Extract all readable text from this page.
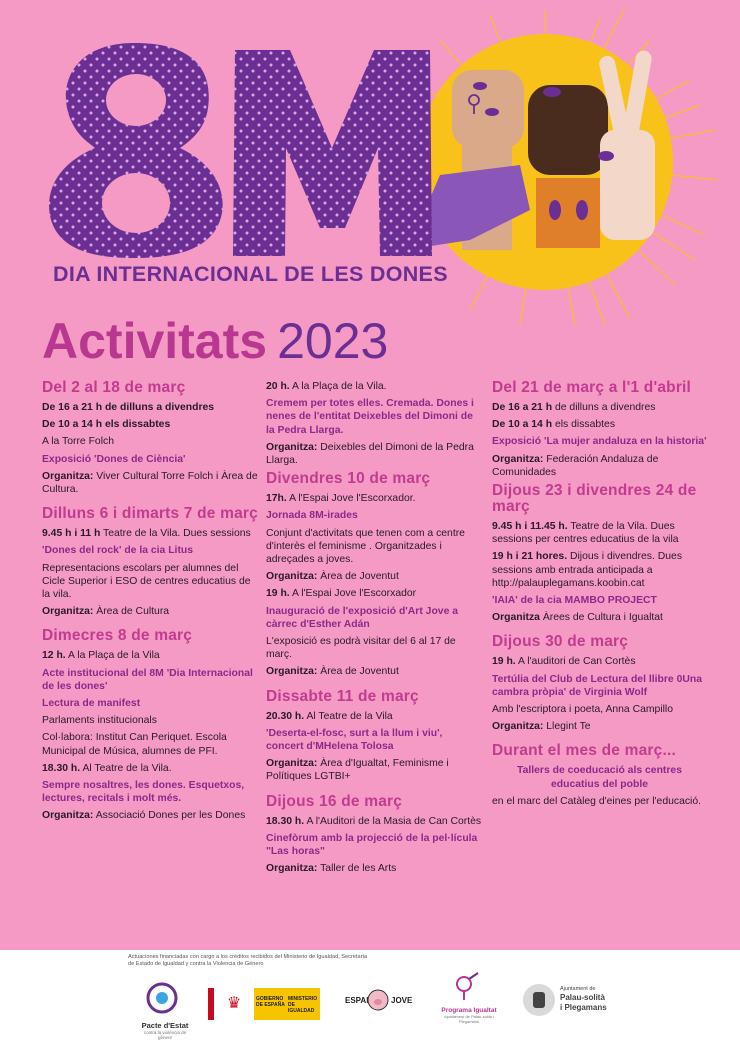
DIA INTERNACIONAL DE LES DONES
Activitats 2023
Del 2 al 18 de març
De 16 a 21 h de dilluns a divendres
De 10 a 14 h els dissabtes
A la Torre Folch
Exposició 'Dones de Ciència'
Organitza: Viver Cultural Torre Folch i Àrea de Cultura.
Dilluns 6 i dimarts 7 de març
9.45 h i 11 h Teatre de la Vila. Dues sessions
'Dones del rock' de la cia Litus
Representacions escolars per alumnes del Cicle Superior i ESO de centres educatius de la vila.
Organitza: Àrea de Cultura
Dimecres 8 de març
12 h. A la Plaça de la Vila
Acte institucional del 8M 'Dia Internacional de les dones'
Lectura de manifest
Parlaments institucionals
Col·labora: Institut Can Periquet. Escola Municipal de Música, alumnes de PFI.
18.30 h. Al Teatre de la Vila.
Sempre nosaltres, les dones. Esquetxos, lectures, recitals i molt més.
Organitza: Associació Dones per les Dones
20 h. A la Plaça de la Vila.
Cremem per totes elles. Cremada. Dones i nenes de l'entitat Deixebles del Dimoni de la Pedra Llarga.
Organitza: Deixebles del Dimoni de la Pedra Llarga.
Divendres 10 de març
17h. A l'Espai Jove l'Escorxador.
Jornada 8M-irades
Conjunt d'activitats que tenen com a centre d'interès el feminisme . Organitzades i adreçades a joves.
Organitza: Àrea de Joventut
19 h. A l'Espai Jove l'Escorxador
Inauguració de l'exposició d'Art Jove a càrrec d'Esther Adán
L'exposició es podrà visitar del 6 al 17 de març.
Organitza: Àrea de Joventut
Dissabte 11 de març
20.30 h. Al Teatre de la Vila
'Deserta-el-fosc, surt a la llum i viu', concert d'MHelena Tolosa
Organitza: Àrea d'Igualtat, Feminisme i Polítiques LGTBI+
Dijous 16 de març
18.30 h. A l'Auditori de la Masia de Can Cortès
Cinefòrum amb la projecció de la pel·lícula "Las horas"
Organitza: Taller de les Arts
Del 21 de març a l'1 d'abril
De 16 a 21 h de dilluns a divendres
De 10 a 14 h els dissabtes
Exposició 'La mujer andaluza en la historia'
Organitza: Federación Andaluza de Comunidades
Dijous 23 i divendres 24 de març
9.45 h i 11.45 h. Teatre de la Vila. Dues sessions per centres educatius de la vila
19 h i 21 hores. Dijous i divendres. Dues sessions amb entrada anticipada a http://palauplegamans.koobin.cat
'IAIA' de la cia MAMBO PROJECT
Organitza Àrees de Cultura i Igualtat
Dijous 30 de març
19 h. A l'auditori de Can Cortès
Tertúlia del Club de Lectura del llibre 0Una cambra pròpia' de Virginia Wolf
Amb l'escriptora i poeta, Anna Campillo
Organitza: Llegint Te
Durant el mes de març...
Tallers de coeducació als centres educatius del poble
en el marc del Catàleg d'eines per l'educació.
Actuaciones financiadas con cargo a los créditos recibidos del Ministerio de Igualdad, Secretaría de Estado de Igualdad y contra la Violencia de Género
Pacte d'Estat
contra la violència de gènere
♛	GOBIERNO DE ESPAÑA
MINISTERIO DE IGUALDAD
ESPAI	JOVE
Programa Igualtat
Ajuntament de Palau-solità i Plegamans
Ajuntament de
Palau-solità
i Plegamans
